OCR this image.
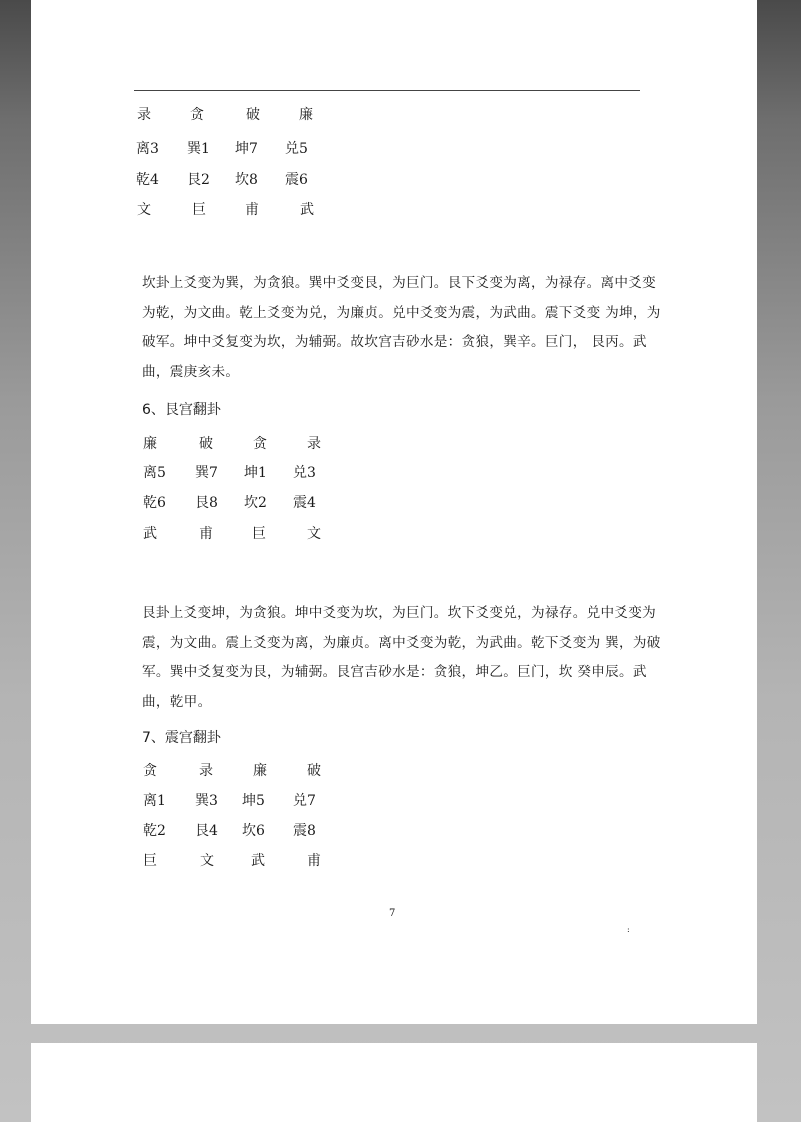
录	贪	破	廉
离3 巽1 坤7 兑5
乾4 艮2 坎8 震6
文	巨	甫	武

坎卦上爻变为巽，为贪狼。巽中爻变艮，为巨门。艮下爻变为离，为禄存。离中爻变为乾，为文曲。乾上爻变为兑，为廉贞。兑中爻变为震，为武曲。震下爻变 为坤，为破军。坤中爻复变为坎，为辅弼。故坎宫吉砂水是：贪狼，巽辛。巨门， 艮丙。武曲，震庚亥未。

6、艮宫翻卦
廉	破	贪	录
离5 巽7 坤1 兑3
乾6 艮8 坎2 震4
武	甫	巨	文

艮卦上爻变坤，为贪狼。坤中爻变为坎，为巨门。坎下爻变兑，为禄存。兑中爻变为震，为文曲。震上爻变为离，为廉贞。离中爻变为乾，为武曲。乾下爻变为 巽，为破军。巽中爻复变为艮，为辅弼。艮宫吉砂水是：贪狼，坤乙。巨门，坎 癸申辰。武曲，乾甲。

7、震宫翻卦
贪	录	廉	破
离1 巽3 坤5 兑7
乾2 艮4 坎6 震8
巨	文	武	甫
7
:
